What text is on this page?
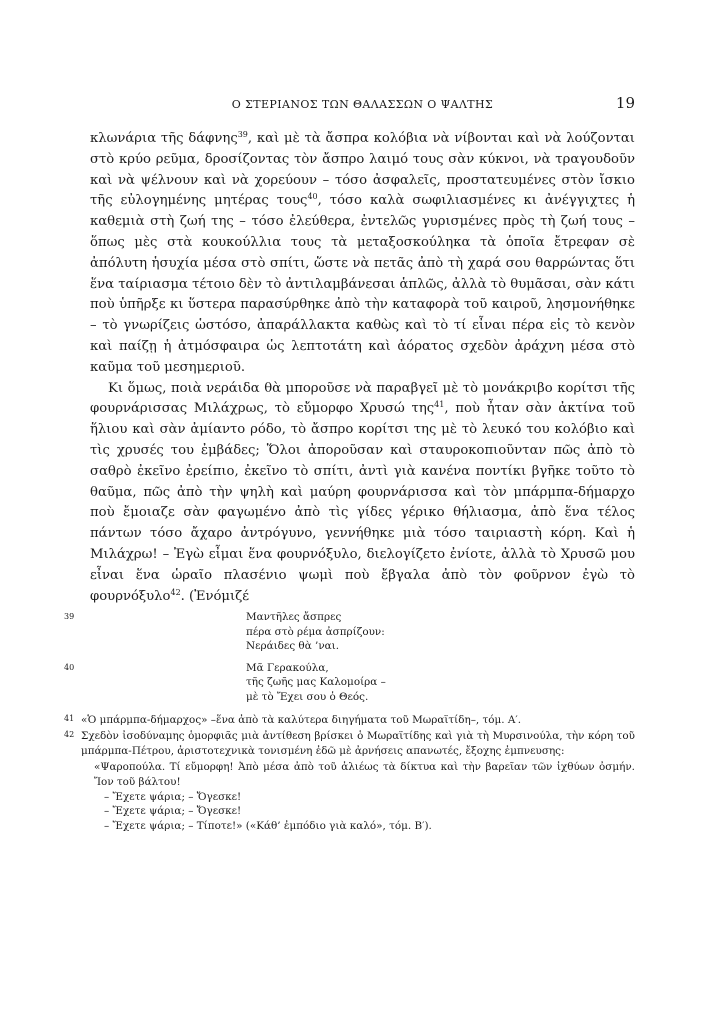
Ο ΣΤΕΡΙΑΝΟΣ ΤΩΝ ΘΑΛΑΣΣΩΝ Ο ΨΑΛΤΗΣ	19

κλωνάρια τῆς δάφνης$^{39}$, καὶ μὲ τὰ ἄσπρα κολόβια νὰ νίβονται καὶ νὰ λούζονται στὸ κρύο ρεῦμα, δροσίζοντας τὸν ἄσπρο λαιμό τους σὰν κύκνοι, νὰ τραγουδοῦν καὶ νὰ ψέλνουν καὶ νὰ χορεύουν – τόσο ἀσφαλεῖς, προστατευμένες στὸν ἴσκιο τῆς εὐλογημένης μητέρας τους$^{40}$, τόσο καλὰ σωφιλιασμένες κι ἀνέγγιχτες ἡ καθεμιὰ στὴ ζωή της – τόσο ἐλεύθερα, ἐντελῶς γυρισμένες πρὸς τὴ ζωή τους – ὅπως μὲς στὰ κουκούλλια τους τὰ μεταξοσκούληκα τὰ ὁποῖα ἔτρεφαν σὲ ἀπόλυτη ἡσυχία μέσα στὸ σπίτι, ὥστε νὰ πετᾶς ἀπὸ τὴ χαρά σου θαρρώντας ὅτι ἕνα ταίριασμα τέτοιο δὲν τὸ ἀντιλαμβάνεσαι ἁπλῶς, ἀλλὰ τὸ θυμᾶσαι, σὰν κάτι ποὺ ὑπῆρξε κι ὕστερα παρασύρθηκε ἀπὸ τὴν καταφορὰ τοῦ καιροῦ, λησμονήθηκε – τὸ γνωρίζεις ὡστόσο, ἀπαράλλακτα καθὼς καὶ τὸ τί εἶναι πέρα εἰς τὸ κενὸν καὶ παίζῃ ἡ ἀτμόσφαιρα ὡς λεπτοτάτη καὶ ἀόρατος σχεδὸν ἀράχνη μέσα στὸ καῦμα τοῦ μεσημεριοῦ.

Κι ὅμως, ποιὰ νεράιδα θὰ μποροῦσε νὰ παραβγεῖ μὲ τὸ μονάκριβο κορίτσι τῆς φουρνάρισσας Μιλάχρως, τὸ εὔμορφο Χρυσώ της$^{41}$, ποὺ ἦταν σὰν ἀκτίνα τοῦ ἥλιου καὶ σὰν ἀμίαντο ρόδο, τὸ ἄσπρο κορίτσι της μὲ τὸ λευκό του κολόβιο καὶ τὶς χρυσές του ἐμβάδες; Ὅλοι ἀποροῦσαν καὶ σταυροκοπιοῦνταν πῶς ἀπὸ τὸ σαθρὸ ἐκεῖνο ἐρείπιο, ἐκεῖνο τὸ σπίτι, ἀντὶ γιὰ κανένα ποντίκι βγῆκε τοῦτο τὸ θαῦμα, πῶς ἀπὸ τὴν ψηλὴ καὶ μαύρη φουρνάρισσα καὶ τὸν μπάρμπα-δήμαρχο ποὺ ἔμοιαζε σὰν φαγωμένο ἀπὸ τὶς γίδες γέρικο θήλιασμα, ἀπὸ ἕνα τέλος πάντων τόσο ἄχαρο ἀντρόγυνο, γεννήθηκε μιὰ τόσο ταιριαστὴ κόρη. Καὶ ἡ Μιλάχρω! – Ἐγὼ εἶμαι ἕνα φουρνόξυλο, διελογίζετο ἐνίοτε, ἀλλὰ τὸ Χρυσῶ μου εἶναι ἕνα ὡραῖο πλασένιο ψωμὶ ποὺ ἔβγαλα ἀπὸ τὸν φοῦρνον ἐγὼ τὸ φουρνόξυλο$^{42}$. (Ἐνόμιζέ

39	Μαντῆλες ἄσπρες
πέρα στὸ ρέμα ἀσπρίζουν:
Νεράιδες θὰ ’ναι.
40	Μᾶ Γερακούλα,
τῆς ζωῆς μας Καλομοίρα –
μὲ τὸ Ἔχει σου ὁ Θεός.
41 «Ὁ μπάρμπα-δήμαρχος» –ἕνα ἀπὸ τὰ καλύτερα διηγήματα τοῦ Μωραϊτίδη–, τόμ. Α′.
42 Σχεδὸν ἰσοδύναμης ὁμορφιᾶς μιὰ ἀντίθεση βρίσκει ὁ Μωραϊτίδης καὶ γιὰ τὴ Μυρσινούλα, τὴν κόρη τοῦ μπάρμπα-Πέτρου, ἀριστοτεχνικὰ τονισμένη ἐδῶ μὲ ἀρνήσεις απανωτές, ἔξοχης ἐμπνευσης:
«Ψαροπούλα. Τί εὔμορφη! Ἀπὸ μέσα ἀπὸ τοῦ ἁλιέως τὰ δίκτυα καὶ τὴν βαρεῖαν τῶν ἰχθύων ὀσμήν. Ἴον τοῦ βάλτου!
– Ἔχετε ψάρια; – Ὄγεσκε!
– Ἔχετε ψάρια; – Ὄγεσκε!
– Ἔχετε ψάρια; – Τίποτε!» («Κάθ’ ἐμπόδιο γιὰ καλό», τόμ. Β′).
